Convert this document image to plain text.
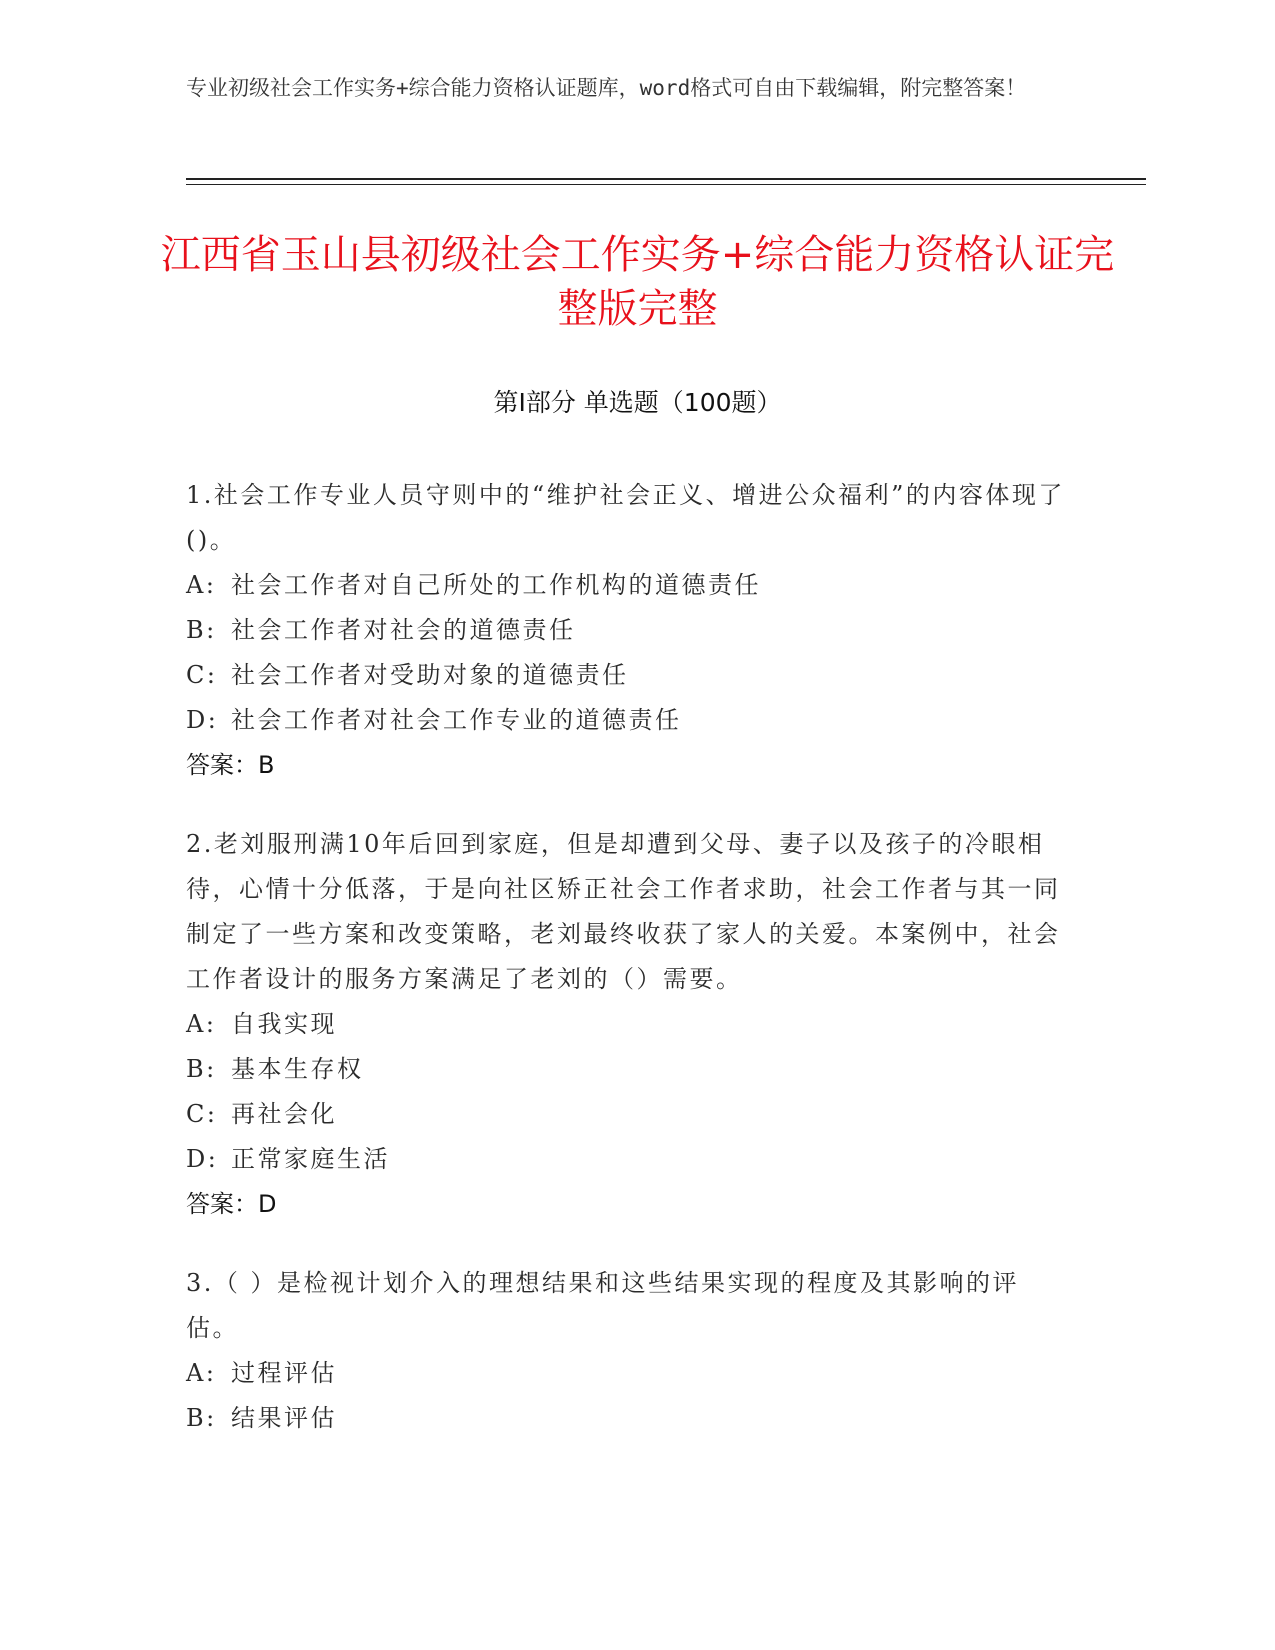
专业初级社会工作实务+综合能力资格认证题库，word格式可自由下载编辑，附完整答案！
江西省玉山县初级社会工作实务+综合能力资格认证完整版完整
第Ⅰ部分 单选题（100题）
1.社会工作专业人员守则中的“维护社会正义、增进公众福利”的内容体现了()。
A: 社会工作者对自己所处的工作机构的道德责任
B: 社会工作者对社会的道德责任
C: 社会工作者对受助对象的道德责任
D: 社会工作者对社会工作专业的道德责任
答案：B
2.老刘服刑满10年后回到家庭，但是却遭到父母、妻子以及孩子的冷眼相待，心情十分低落，于是向社区矫正社会工作者求助，社会工作者与其一同制定了一些方案和改变策略，老刘最终收获了家人的关爱。本案例中，社会工作者设计的服务方案满足了老刘的（）需要。
A: 自我实现
B: 基本生存权
C: 再社会化
D: 正常家庭生活
答案：D
3.（ ）是检视计划介入的理想结果和这些结果实现的程度及其影响的评估。
A: 过程评估
B: 结果评估
